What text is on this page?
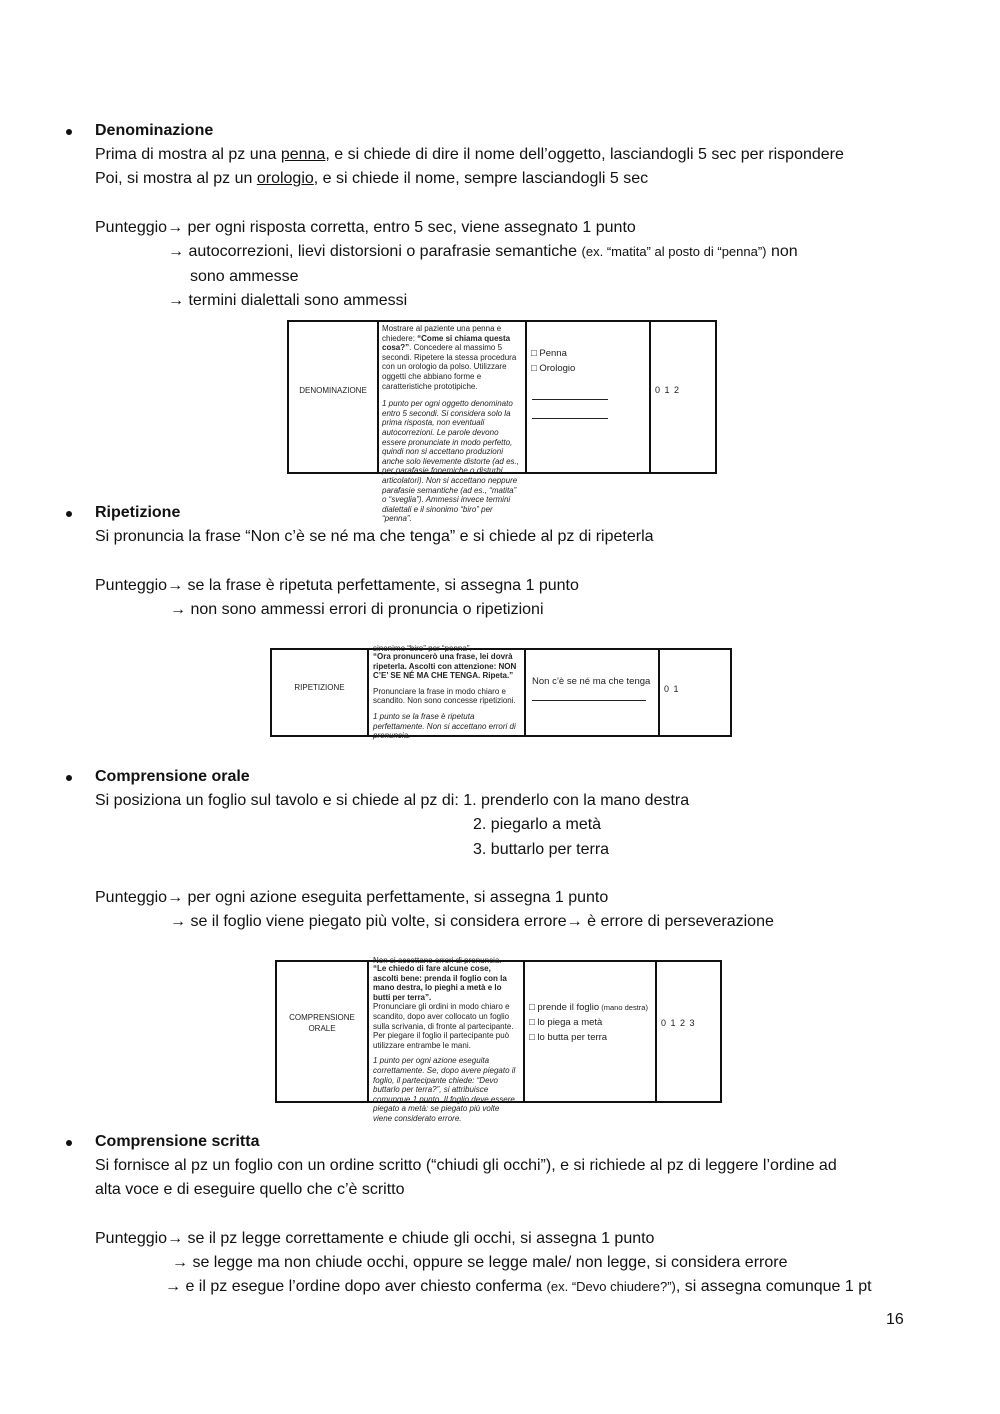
Denominazione
Prima di mostra al pz una penna, e si chiede di dire il nome dell’oggetto, lasciandogli 5 sec per rispondere
Poi, si mostra al pz un orologio, e si chiede il nome, sempre lasciandogli 5 sec
Punteggio→ per ogni risposta corretta, entro 5 sec, viene assegnato 1 punto
→ autocorrezioni, lievi distorsioni o parafrasie semantiche (ex. “matita” al posto di “penna”) non
sono ammesse
→ termini dialettali sono ammessi
DENOMINAZIONE
Mostrare al paziente una penna e chiedere: “Come si chiama questa cosa?”. Concedere al massimo 5 secondi. Ripetere la stessa procedura con un orologio da polso. Utilizzare oggetti che abbiano forme e caratteristiche prototipiche.
1 punto per ogni oggetto denominato entro 5 secondi. Si considera solo la prima risposta, non eventuali autocorrezioni. Le parole devono essere pronunciate in modo perfetto, quindi non si accettano produzioni anche solo lievemente distorte (ad es., per parafasie fonemiche o disturbi articolatori). Non si accettano neppure parafasie semantiche (ad es., “matita” o “sveglia”). Ammessi invece termini dialettali e il sinonimo “biro” per “penna”.
□ Penna
□ Orologio
0 1 2
Ripetizione
Si pronuncia la frase “Non c’è se né ma che tenga” e si chiede al pz di ripeterla
Punteggio→ se la frase è ripetuta perfettamente, si assegna 1 punto
→ non sono ammessi errori di pronuncia o ripetizioni
RIPETIZIONE
sinonimo “biro” per “penna”.
“Ora pronuncerò una frase, lei dovrà ripeterla. Ascolti con attenzione: NON C’E’ SE NÉ MA CHE TENGA. Ripeta.”
Pronunciare la frase in modo chiaro e scandito. Non sono concesse ripetizioni.
1 punto se la frase è ripetuta perfettamente. Non si accettano errori di pronuncia.
Non c’è se né ma che tenga
0 1
Comprensione orale
Si posiziona un foglio sul tavolo e si chiede al pz di: 1. prenderlo con la mano destra
2. piegarlo a metà
3. buttarlo per terra
Punteggio→ per ogni azione eseguita perfettamente, si assegna 1 punto
→ se il foglio viene piegato più volte, si considera errore→ è errore di perseverazione
COMPRENSIONE
ORALE
Non si accettano errori di pronuncia.
“Le chiedo di fare alcune cose, ascolti bene: prenda il foglio con la mano destra, lo pieghi a metà e lo butti per terra”.
Pronunciare gli ordini in modo chiaro e scandito, dopo aver collocato un foglio sulla scrivania, di fronte al partecipante. Per piegare il foglio il partecipante può utilizzare entrambe le mani.
1 punto per ogni azione eseguita correttamente. Se, dopo avere piegato il foglio, il partecipante chiede: “Devo buttarlo per terra?”, si attribuisce comunque 1 punto. Il foglio deve essere piegato a metà: se piegato più volte viene considerato errore.
□ prende il foglio (mano destra)
□ lo piega a metà
□ lo butta per terra
0 1 2 3
Comprensione scritta
Si fornisce al pz un foglio con un ordine scritto (“chiudi gli occhi”), e si richiede al pz di leggere l’ordine ad
alta voce e di eseguire quello che c’è scritto
Punteggio→ se il pz legge correttamente e chiude gli occhi, si assegna 1 punto
→ se legge ma non chiude occhi, oppure se legge male/ non legge, si considera errore
→ e il pz esegue l’ordine dopo aver chiesto conferma (ex. “Devo chiudere?”), si assegna comunque 1 pt
16
